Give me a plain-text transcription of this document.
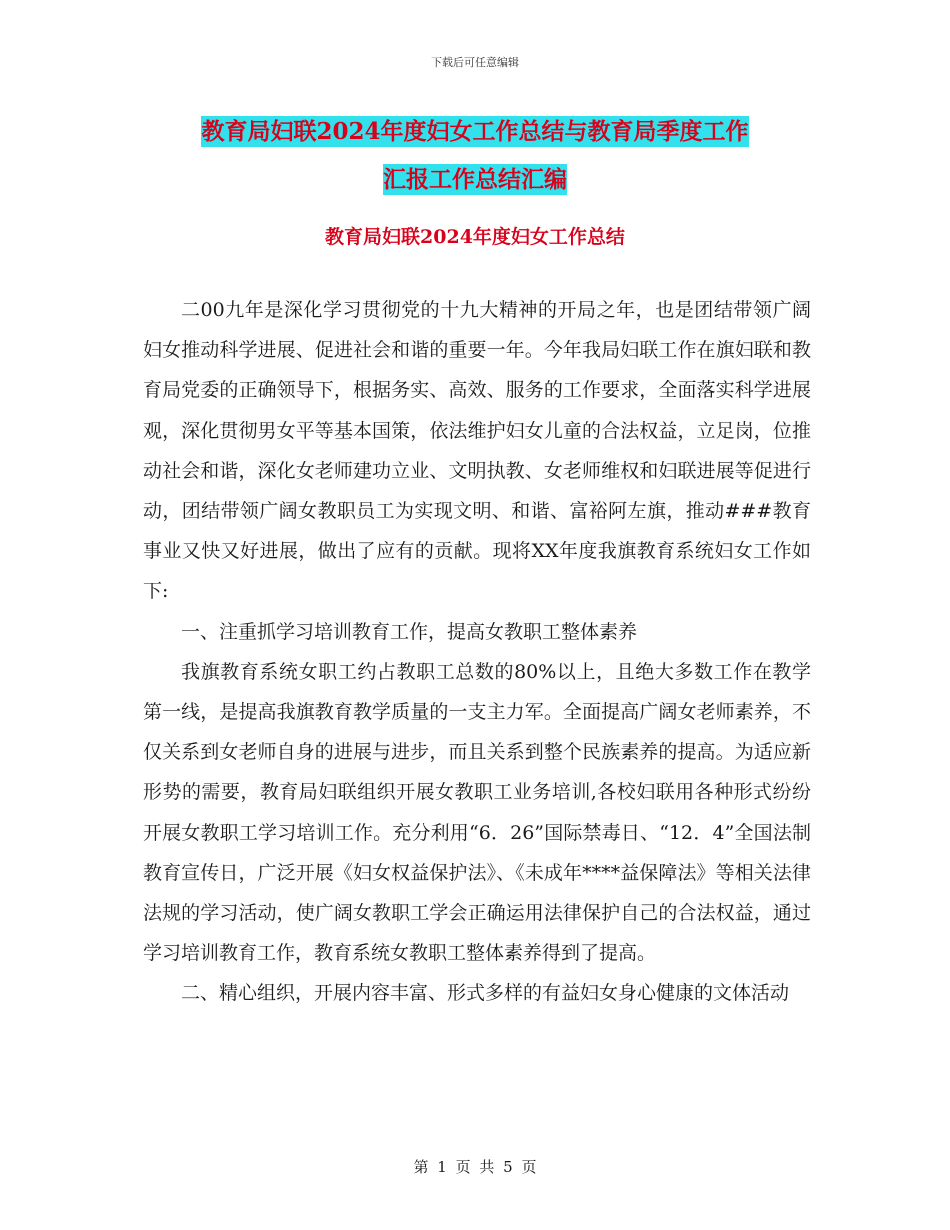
下载后可任意编辑
教育局妇联2024年度妇女工作总结与教育局季度工作
汇报工作总结汇编
教育局妇联2024年度妇女工作总结

二00九年是深化学习贯彻党的十九大精神的开局之年，也是团结带领广阔妇女推动科学进展、促进社会和谐的重要一年。今年我局妇联工作在旗妇联和教育局党委的正确领导下，根据务实、高效、服务的工作要求，全面落实科学进展观，深化贯彻男女平等基本国策，依法维护妇女儿童的合法权益，立足岗，位推动社会和谐，深化女老师建功立业、文明执教、女老师维权和妇联进展等促进行动，团结带领广阔女教职员工为实现文明、和谐、富裕阿左旗，推动###教育事业又快又好进展，做出了应有的贡献。现将XX年度我旗教育系统妇女工作如下:

一、注重抓学习培训教育工作，提高女教职工整体素养

我旗教育系统女职工约占教职工总数的80%以上，且绝大多数工作在教学第一线，是提高我旗教育教学质量的一支主力军。全面提高广阔女老师素养，不仅关系到女老师自身的进展与进步，而且关系到整个民族素养的提高。为适应新形势的需要，教育局妇联组织开展女教职工业务培训,各校妇联用各种形式纷纷开展女教职工学习培训工作。充分利用“6．26”国际禁毒日、“12．4”全国法制教育宣传日，广泛开展《妇女权益保护法》、《未成年****益保障法》等相关法律法规的学习活动，使广阔女教职工学会正确运用法律保护自己的合法权益，通过学习培训教育工作，教育系统女教职工整体素养得到了提高。

二、精心组织，开展内容丰富、形式多样的有益妇女身心健康的文体活动

第 1 页 共 5 页
